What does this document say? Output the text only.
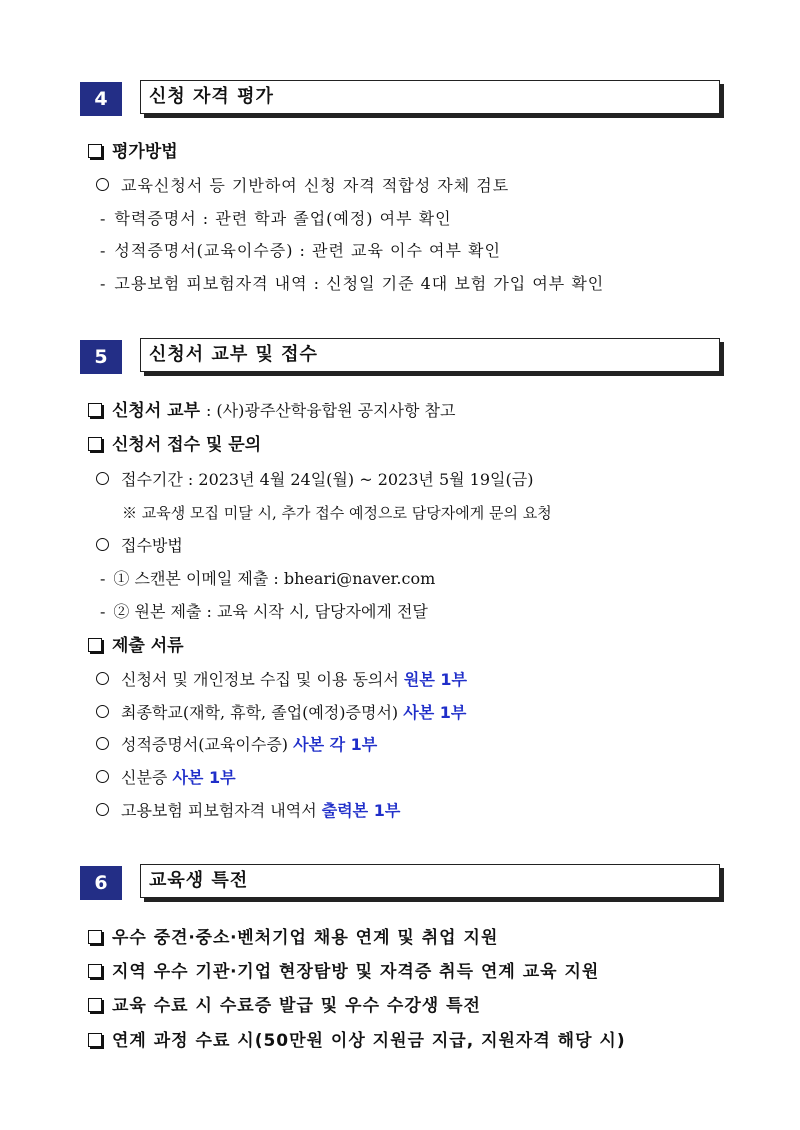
4	신청 자격 평가
평가방법
교육신청서 등 기반하여 신청 자격 적합성 자체 검토
- 학력증명서 : 관련 학과 졸업(예정) 여부 확인
- 성적증명서(교육이수증) : 관련 교육 이수 여부 확인
- 고용보험 피보험자격 내역 : 신청일 기준 4대 보험 가입 여부 확인
5	신청서 교부 및 접수
신청서 교부 : (사)광주산학융합원 공지사항 참고
신청서 접수 및 문의
접수기간 : 2023년 4월 24일(월) ~ 2023년 5월 19일(금)
※ 교육생 모집 미달 시, 추가 접수 예정으로 담당자에게 문의 요청
접수방법
- ① 스캔본 이메일 제출 : bheari@naver.com
- ② 원본 제출 : 교육 시작 시, 담당자에게 전달
제출 서류
신청서 및 개인정보 수집 및 이용 동의서 원본 1부
최종학교(재학, 휴학, 졸업(예정)증명서) 사본 1부
성적증명서(교육이수증) 사본 각 1부
신분증 사본 1부
고용보험 피보험자격 내역서 출력본 1부
6	교육생 특전
우수 중견‧중소‧벤처기업 채용 연계 및 취업 지원
지역 우수 기관‧기업 현장탐방 및 자격증 취득 연계 교육 지원
교육 수료 시 수료증 발급 및 우수 수강생 특전
연계 과정 수료 시(50만원 이상 지원금 지급, 지원자격 해당 시)
